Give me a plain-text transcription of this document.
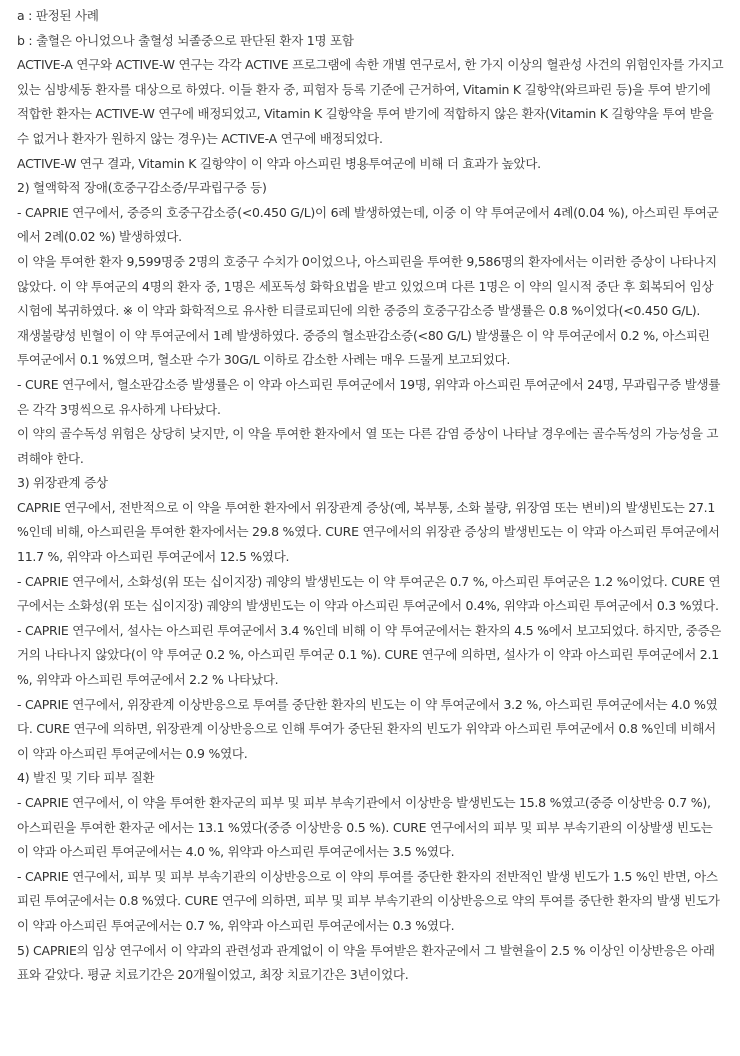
a : 판정된 사례

b : 출혈은 아니었으나 출혈성 뇌졸중으로 판단된 환자 1명 포함

ACTIVE-A 연구와 ACTIVE-W 연구는 각각 ACTIVE 프로그램에 속한 개별 연구로서, 한 가지 이상의 혈관성 사건의 위험인자를 가지고 있는 심방세동 환자를 대상으로 하였다. 이들 환자 중, 피험자 등록 기준에 근거하여, Vitamin K 길항약(와르파린 등)을 투여 받기에 적합한 환자는 ACTIVE-W 연구에 배정되었고, Vitamin K 길항약을 투여 받기에 적합하지 않은 환자(Vitamin K 길항약을 투여 받을 수 없거나 환자가 원하지 않는 경우)는 ACTIVE-A 연구에 배정되었다.

ACTIVE-W 연구 결과, Vitamin K 길항약이 이 약과 아스피린 병용투여군에 비해 더 효과가 높았다.

2) 혈액학적 장애(호중구감소증/무과립구증 등)

- CAPRIE 연구에서, 중증의 호중구감소증(<0.450 G/L)이 6례 발생하였는데, 이중 이 약 투여군에서 4례(0.04 %), 아스피린 투여군에서 2례(0.02 %) 발생하였다.

이 약을 투여한 환자 9,599명중 2명의 호중구 수치가 0이었으나, 아스피린을 투여한 9,586명의 환자에서는 이러한 증상이 나타나지 않았다. 이 약 투여군의 4명의 환자 중, 1명은 세포독성 화학요법을 받고 있었으며 다른 1명은 이 약의 일시적 중단 후 회복되어 임상시험에 복귀하였다. ※ 이 약과 화학적으로 유사한 티클로피딘에 의한 중증의 호중구감소증 발생률은 0.8 %이었다(<0.450 G/L).

재생불량성 빈혈이 이 약 투여군에서 1례 발생하였다. 중증의 혈소판감소증(<80 G/L) 발생률은 이 약 투여군에서 0.2 %, 아스피린 투여군에서 0.1 %였으며, 혈소판 수가 30G/L 이하로 감소한 사례는 매우 드물게 보고되었다.

- CURE 연구에서, 혈소판감소증 발생률은 이 약과 아스피린 투여군에서 19명, 위약과 아스피린 투여군에서 24명, 무과립구증 발생률은 각각 3명씩으로 유사하게 나타났다.

이 약의 골수독성 위험은 상당히 낮지만, 이 약을 투여한 환자에서 열 또는 다른 감염 증상이 나타날 경우에는 골수독성의 가능성을 고려해야 한다.

3) 위장관계 증상

CAPRIE 연구에서, 전반적으로 이 약을 투여한 환자에서 위장관계 증상(예, 복부통, 소화 불량, 위장염 또는 변비)의 발생빈도는 27.1 %인데 비해, 아스피린을 투여한 환자에서는 29.8 %였다. CURE 연구에서의 위장관 증상의 발생빈도는 이 약과 아스피린 투여군에서 11.7 %, 위약과 아스피린 투여군에서 12.5 %였다.

- CAPRIE 연구에서, 소화성(위 또는 십이지장) 궤양의 발생빈도는 이 약 투여군은 0.7 %, 아스피린 투여군은 1.2 %이었다. CURE 연구에서는 소화성(위 또는 십이지장) 궤양의 발생빈도는 이 약과 아스피린 투여군에서 0.4%, 위약과 아스피린 투여군에서 0.3 %였다.

- CAPRIE 연구에서, 설사는 아스피린 투여군에서 3.4 %인데 비해 이 약 투여군에서는 환자의 4.5 %에서 보고되었다. 하지만, 중증은 거의 나타나지 않았다(이 약 투여군 0.2 %, 아스피린 투여군 0.1 %). CURE 연구에 의하면, 설사가 이 약과 아스피린 투여군에서 2.1 %, 위약과 아스피린 투여군에서 2.2 % 나타났다.

- CAPRIE 연구에서, 위장관계 이상반응으로 투여를 중단한 환자의 빈도는 이 약 투여군에서 3.2 %, 아스피린 투여군에서는 4.0 %였다. CURE 연구에 의하면, 위장관계 이상반응으로 인해 투여가 중단된 환자의 빈도가 위약과 아스피린 투여군에서 0.8 %인데 비해서 이 약과 아스피린 투여군에서는 0.9 %였다.

4) 발진 및 기타 피부 질환

- CAPRIE 연구에서, 이 약을 투여한 환자군의 피부 및 피부 부속기관에서 이상반응 발생빈도는 15.8 %였고(중증 이상반응 0.7 %), 아스피린을 투여한 환자군 에서는 13.1 %였다(중증 이상반응 0.5 %). CURE 연구에서의 피부 및 피부 부속기관의 이상발생 빈도는 이 약과 아스피린 투여군에서는 4.0 %, 위약과 아스피린 투여군에서는 3.5 %였다.

- CAPRIE 연구에서, 피부 및 피부 부속기관의 이상반응으로 이 약의 투여를 중단한 환자의 전반적인 발생 빈도가 1.5 %인 반면, 아스피린 투여군에서는 0.8 %였다. CURE 연구에 의하면, 피부 및 피부 부속기관의 이상반응으로 약의 투여를 중단한 환자의 발생 빈도가 이 약과 아스피린 투여군에서는 0.7 %, 위약과 아스피린 투여군에서는 0.3 %였다.

5) CAPRIE의 임상 연구에서 이 약과의 관련성과 관계없이 이 약을 투여받은 환자군에서 그 발현율이 2.5 % 이상인 이상반응은 아래표와 같았다. 평균 치료기간은 20개월이었고, 최장 치료기간은 3년이었다.
